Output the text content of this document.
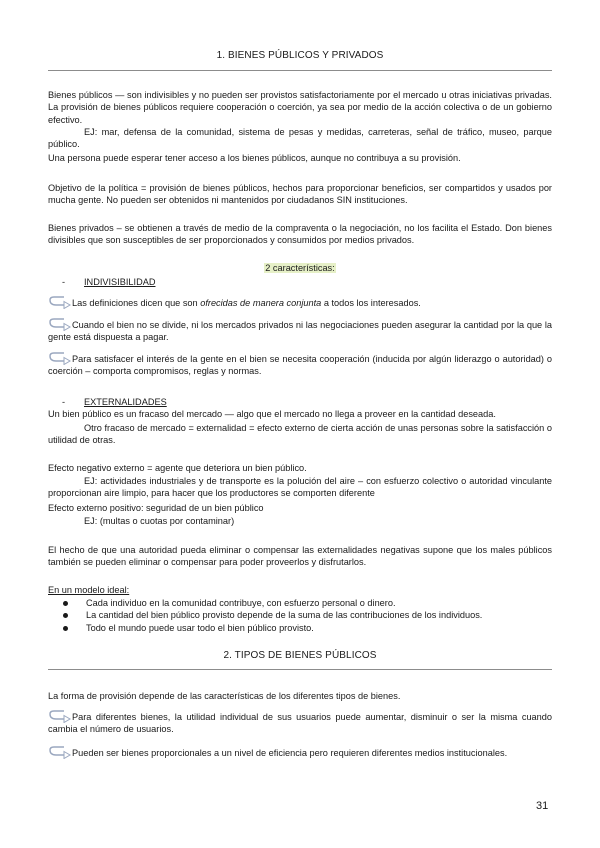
1. BIENES PÚBLICOS Y PRIVADOS

Bienes públicos — son indivisibles y no pueden ser provistos satisfactoriamente por el mercado u otras iniciativas privadas. La provisión de bienes públicos requiere cooperación o coerción, ya sea por medio de la acción colectiva o de un gobierno efectivo.

EJ: mar, defensa de la comunidad, sistema de pesas y medidas, carreteras, señal de tráfico, museo, parque público.

Una persona puede esperar tener acceso a los bienes públicos, aunque no contribuya a su provisión.

Objetivo de la política = provisión de bienes públicos, hechos para proporcionar beneficios, ser compartidos y usados por mucha gente. No pueden ser obtenidos ni mantenidos por ciudadanos SIN instituciones.

Bienes privados – se obtienen a través de medio de la compraventa o la negociación, no los facilita el Estado. Don bienes divisibles que son susceptibles de ser proporcionados y consumidos por medios privados.

2 características:
- INDIVISIBILIDAD

Las definiciones dicen que son ofrecidas de manera conjunta a todos los interesados.

Cuando el bien no se divide, ni los mercados privados ni las negociaciones pueden asegurar la cantidad por la que la gente está dispuesta a pagar.

Para satisfacer el interés de la gente en el bien se necesita cooperación (inducida por algún liderazgo o autoridad) o coerción – comporta compromisos, reglas y normas.

- EXTERNALIDADES

Un bien público es un fracaso del mercado — algo que el mercado no llega a proveer en la cantidad deseada.

Otro fracaso de mercado = externalidad = efecto externo de cierta acción de unas personas sobre la satisfacción o utilidad de otras.

Efecto negativo externo = agente que deteriora un bien público.

EJ: actividades industriales y de transporte es la polución del aire – con esfuerzo colectivo o autoridad vinculante proporcionan aire limpio, para hacer que los productores se comporten diferente

Efecto externo positivo: seguridad de un bien público

EJ: (multas o cuotas por contaminar)

El hecho de que una autoridad pueda eliminar o compensar las externalidades negativas supone que los males públicos también se pueden eliminar o compensar para poder proveerlos y disfrutarlos.

En un modelo ideal:

Cada individuo en la comunidad contribuye, con esfuerzo personal o dinero.
La cantidad del bien público provisto depende de la suma de las contribuciones de los individuos.
Todo el mundo puede usar todo el bien público provisto.
2. TIPOS DE BIENES PÚBLICOS

La forma de provisión depende de las características de los diferentes tipos de bienes.

Para diferentes bienes, la utilidad individual de sus usuarios puede aumentar, disminuir o ser la misma cuando cambia el número de usuarios.

Pueden ser bienes proporcionales a un nivel de eficiencia pero requieren diferentes medios institucionales.

31
